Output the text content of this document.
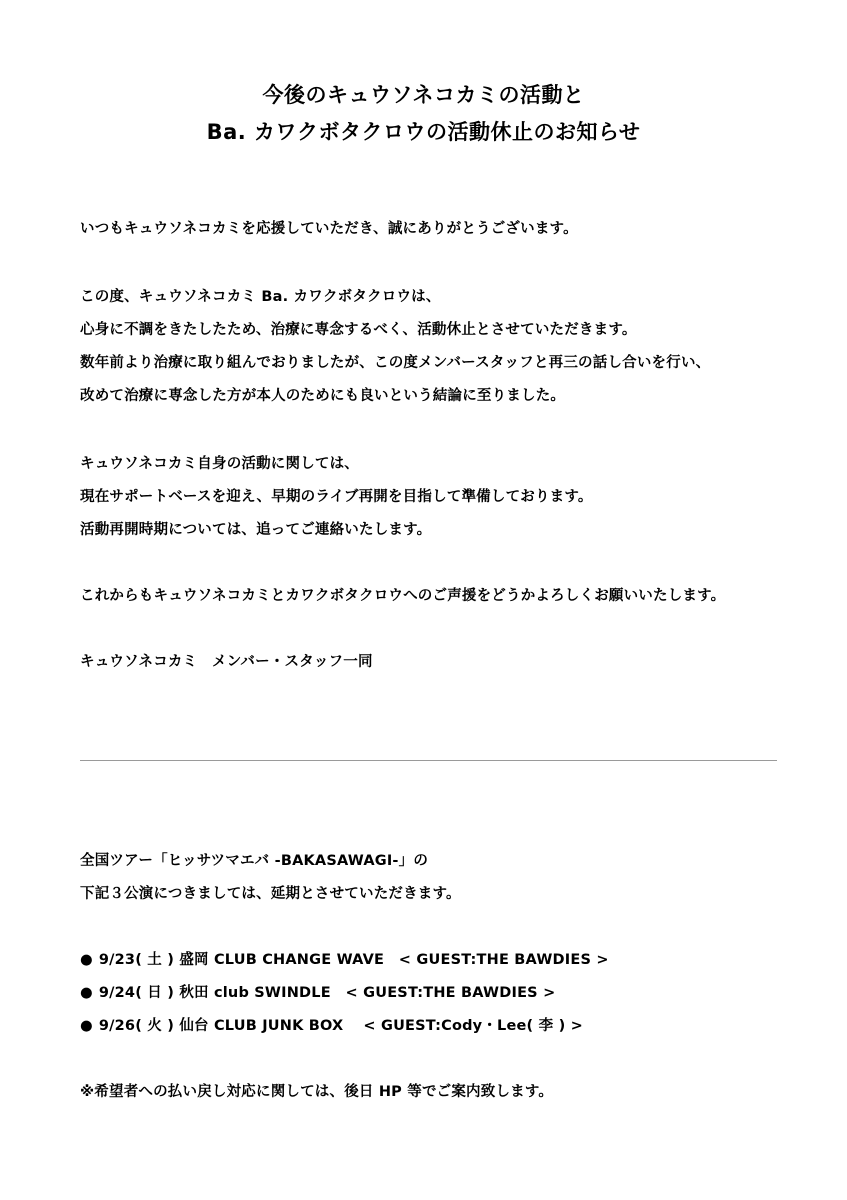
今後のキュウソネコカミの活動と
Ba. カワクボタクロウの活動休止のお知らせ
いつもキュウソネコカミを応援していただき、誠にありがとうございます。
この度、キュウソネコカミ Ba. カワクボタクロウは、
心身に不調をきたしたため、治療に専念するべく、活動休止とさせていただきます。
数年前より治療に取り組んでおりましたが、この度メンバースタッフと再三の話し合いを行い、
改めて治療に専念した方が本人のためにも良いという結論に至りました。
キュウソネコカミ自身の活動に関しては、
現在サポートベースを迎え、早期のライブ再開を目指して準備しております。
活動再開時期については、追ってご連絡いたします。
これからもキュウソネコカミとカワクボタクロウへのご声援をどうかよろしくお願いいたします。
キュウソネコカミ　メンバー・スタッフ一同
全国ツアー「ヒッサツマエバ -BAKASAWAGI-」の
下記３公演につきましては、延期とさせていただきます。
● 9/23( 土 ) 盛岡 CLUB CHANGE WAVE　< GUEST:THE BAWDIES >
● 9/24( 日 ) 秋田 club SWINDLE　< GUEST:THE BAWDIES >
● 9/26( 火 ) 仙台 CLUB JUNK BOX　 < GUEST:Cody・Lee( 李 ) >
※希望者への払い戻し対応に関しては、後日 HP 等でご案内致します。
